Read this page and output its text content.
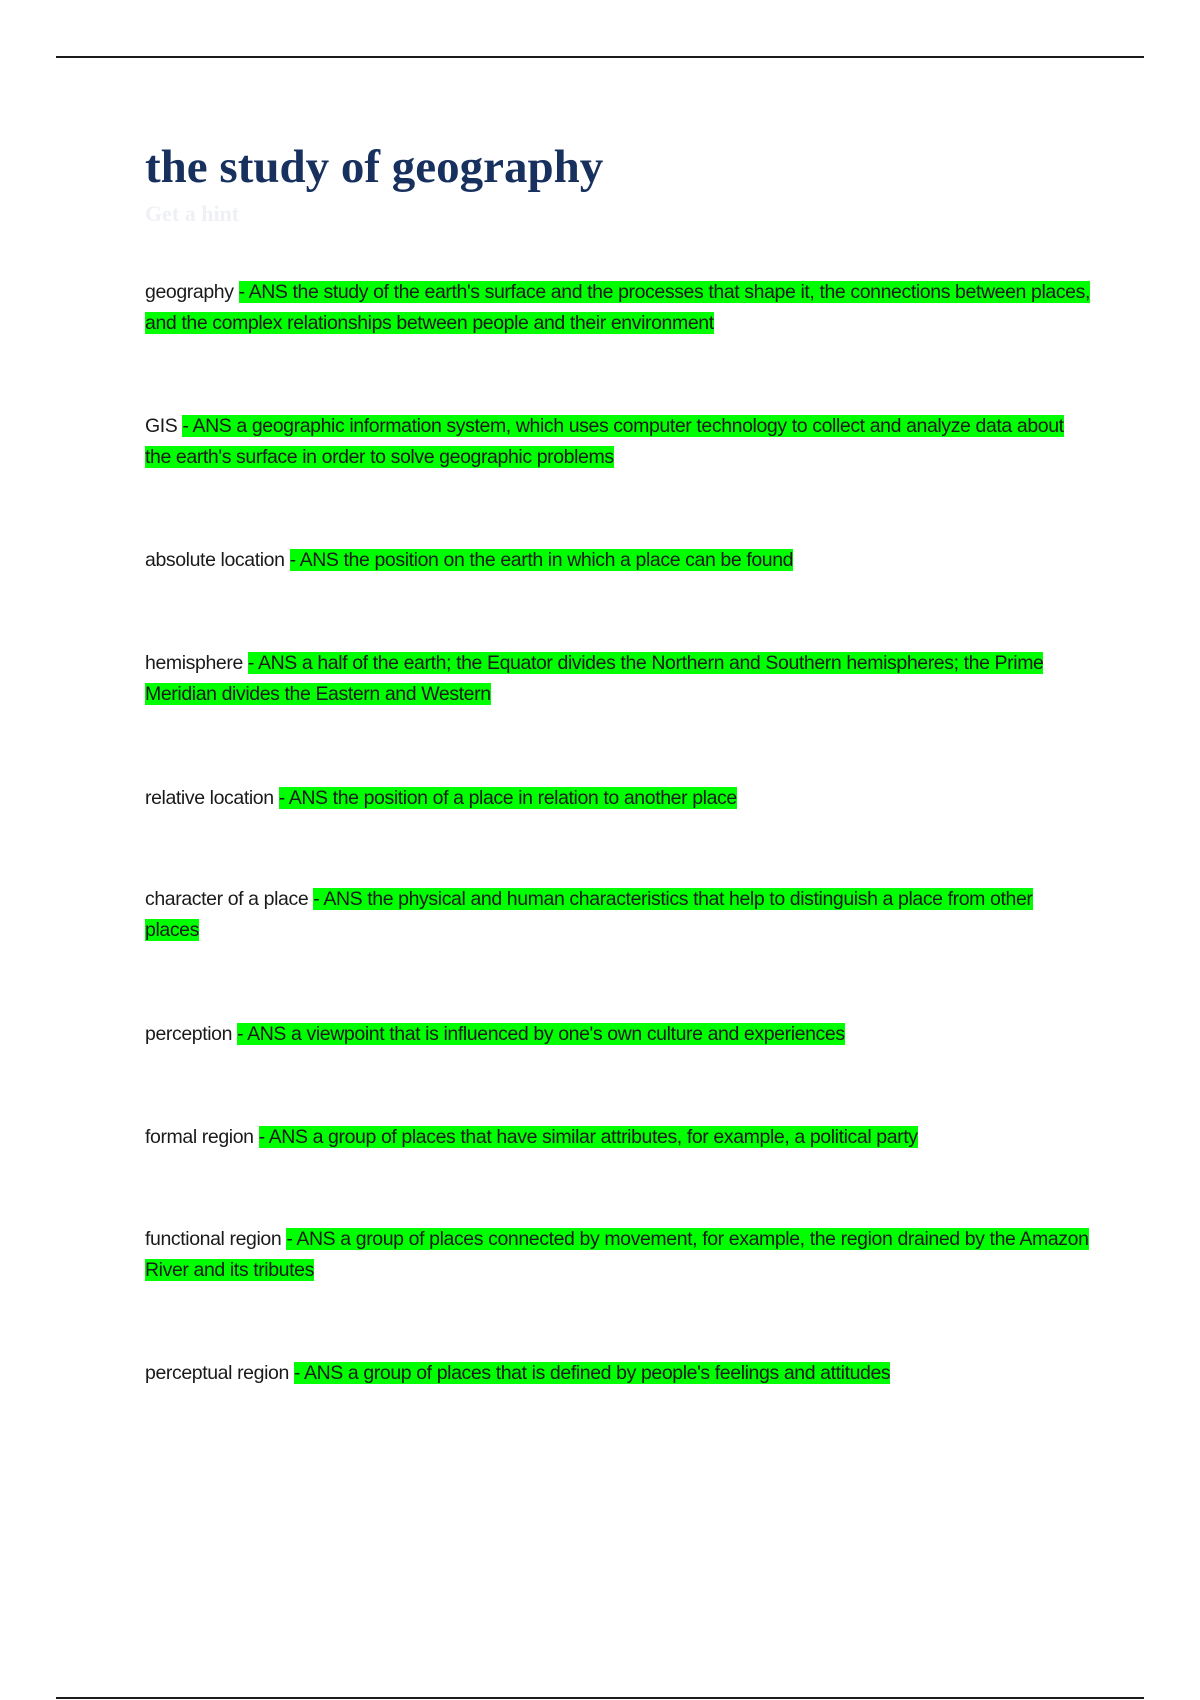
the study of geography
Get a hint
geography - ANS the study of the earth's surface and the processes that shape it, the connections between places, and the complex relationships between people and their environment
GIS - ANS a geographic information system, which uses computer technology to collect and analyze data about the earth's surface in order to solve geographic problems
absolute location - ANS the position on the earth in which a place can be found
hemisphere - ANS a half of the earth; the Equator divides the Northern and Southern hemispheres; the Prime Meridian divides the Eastern and Western
relative location - ANS the position of a place in relation to another place
character of a place - ANS the physical and human characteristics that help to distinguish a place from other places
perception - ANS a viewpoint that is influenced by one's own culture and experiences
formal region - ANS a group of places that have similar attributes, for example, a political party
functional region - ANS a group of places connected by movement, for example, the region drained by the Amazon River and its tributes
perceptual region - ANS a group of places that is defined by people's feelings and attitudes
